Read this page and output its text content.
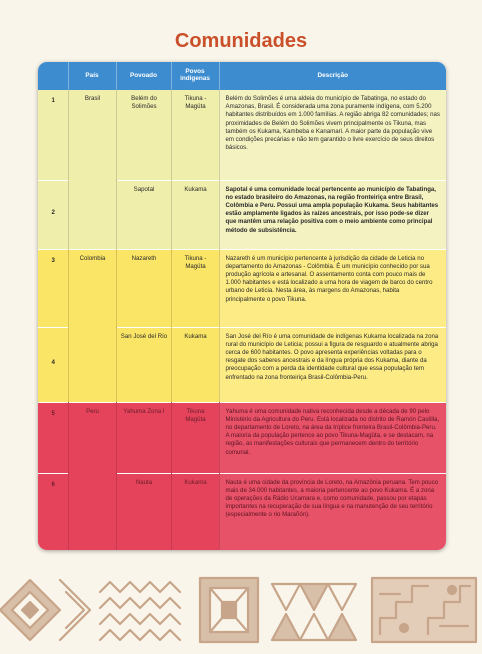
Comunidades
	País	Povoado	Povos indígenas	Descrição
1	Brasil	Belém do Solimões	Tikuna - Magüta	Belém do Solimões é uma aldeia do município de Tabatinga, no estado do Amazonas, Brasil. É considerada uma zona puramente indígena, com 5.200 habitantes distribuídos em 1.000 famílias. A região abriga 82 comunidades; nas proximidades de Belém do Solimões vivem principalmente os Tikuna, mas também os Kukama, Kambeba e Kanamari. A maior parte da população vive em condições precárias e não tem garantido o livre exercício de seus direitos básicos.
2		Sapotal	Kukama	Sapotal é uma comunidade local pertencente ao município de Tabatinga, no estado brasileiro do Amazonas, na região fronteiriça entre Brasil, Colômbia e Peru. Possui uma ampla população Kukama. Seus habitantes estão amplamente ligados às raízes ancestrais, por isso pode-se dizer que mantêm uma relação positiva com o meio ambiente como principal método de subsistência.
3	Colombia	Nazareth	Tikuna - Magüta	Nazareth é um município pertencente à jurisdição da cidade de Leticia no departamento do Amazonas - Colômbia. É um município conhecido por sua produção agrícola e artesanal. O assentamento conta com pouco mais de 1.000 habitantes e está localizado a uma hora de viagem de barco do centro urbano de Leticia. Nesta área, às margens do Amazonas, habita principalmente o povo Tikuna.
4		San José del Río	Kukama	San José del Río é uma comunidade de indígenas Kukama localizada na zona rural do município de Leticia; possui a figura de resguardo e atualmente abriga cerca de 600 habitantes. O povo apresenta experiências voltadas para o resgate dos saberes ancestrais e da língua própria dos Kukama, diante da preocupação com a perda da identidade cultural que essa população tem enfrentado na zona fronteiriça Brasil-Colômbia-Peru.
5	Peru	Yahuma Zona I	Tikuna Magüta	Yahuma é uma comunidade nativa reconhecida desde a década de 90 pelo Ministério da Agricultura do Peru. Está localizada no distrito de Ramón Castilla, no departamento de Loreto, na área da tríplice fronteira Brasil-Colômbia-Peru. A maioria da população pertence ao povo Tikuna-Magüta, e se destacam, na região, as manifestações culturais que permanecem dentro do território comunal.
6		Nauta	Kukama	Nauta é uma cidade da província de Loreto, na Amazônia peruana. Tem pouco mais de 34.000 habitantes, a maioria pertencente ao povo Kukama. É a zona de operações da Rádio Ucamara e, como comunidade, passou por etapas importantes na recuperação de sua língua e na manutenção de seu território (especialmente o rio Marañón).
